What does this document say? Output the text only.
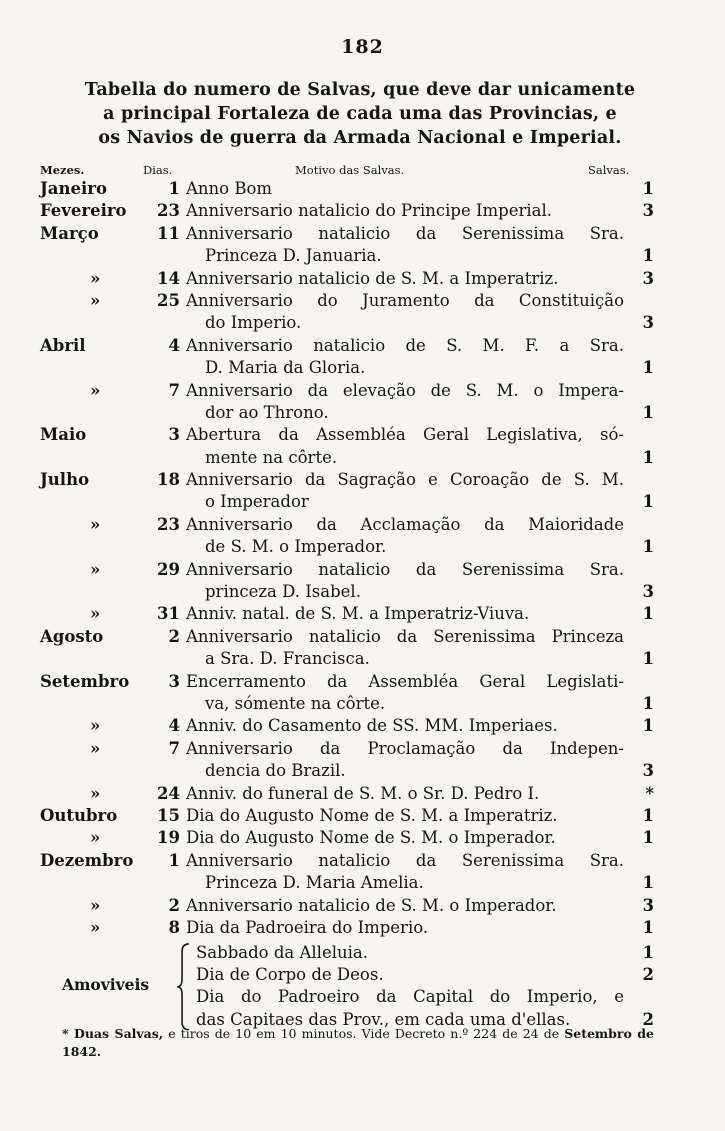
182
Tabella do numero de Salvas, que deve dar unicamente
a principal Fortaleza de cada uma das Provincias, e
os Navios de guerra da Armada Nacional e Imperial.
Mezes.	Dias.	Motivo das Salvas.	Salvas.
Janeiro	1 Anno Bom	1
Fevereiro	23 Anniversario natalicio do Principe Imperial.	3
Março	11 Anniversario natalicio da Serenissima Sra.
Princeza D. Januaria.	1
»	14 Anniversario natalicio de S. M. a Imperatriz.	3
»	25 Anniversario do Juramento da Constituição
do Imperio.	3
Abril	4 Anniversario natalicio de S. M. F. a Sra.
D. Maria da Gloria.	1
»	7 Anniversario da elevação de S. M. o Impera-
dor ao Throno.	1
Maio	3 Abertura da Assembléa Geral Legislativa, só-
mente na côrte.	1
Julho	18 Anniversario da Sagração e Coroação de S. M.
o Imperador	1
»	23 Anniversario da Acclamação da Maioridade
de S. M. o Imperador.	1
»	29 Anniversario natalicio da Serenissima Sra.
princeza D. Isabel.	3
»	31 Anniv. natal. de S. M. a Imperatriz-Viuva.	1
Agosto	2 Anniversario natalicio da Serenissima Princeza
a Sra. D. Francisca.	1
Setembro	3 Encerramento da Assembléa Geral Legislati-
va, sómente na côrte.	1
»	4 Anniv. do Casamento de SS. MM. Imperiaes.	1
»	7 Anniversario da Proclamação da Indepen-
dencia do Brazil.	3
»	24 Anniv. do funeral de S. M. o Sr. D. Pedro I.	*
Outubro	15 Dia do Augusto Nome de S. M. a Imperatriz.	1
»	19 Dia do Augusto Nome de S. M. o Imperador.	1
Dezembro	1 Anniversario natalicio da Serenissima Sra.
Princeza D. Maria Amelia.	1
»	2 Anniversario natalicio de S. M. o Imperador.	3
»	8 Dia da Padroeira do Imperio.	1
Amoviveis
Sabbado da Alleluia.	1
Dia de Corpo de Deos.	2
Dia do Padroeiro da Capital do Imperio, e
das Capitaes das Prov., em cada uma d'ellas.	2
* Duas Salvas, e tiros de 10 em 10 minutos. Vide Decreto n.º 224 de 24 de Setembro de 1842.
